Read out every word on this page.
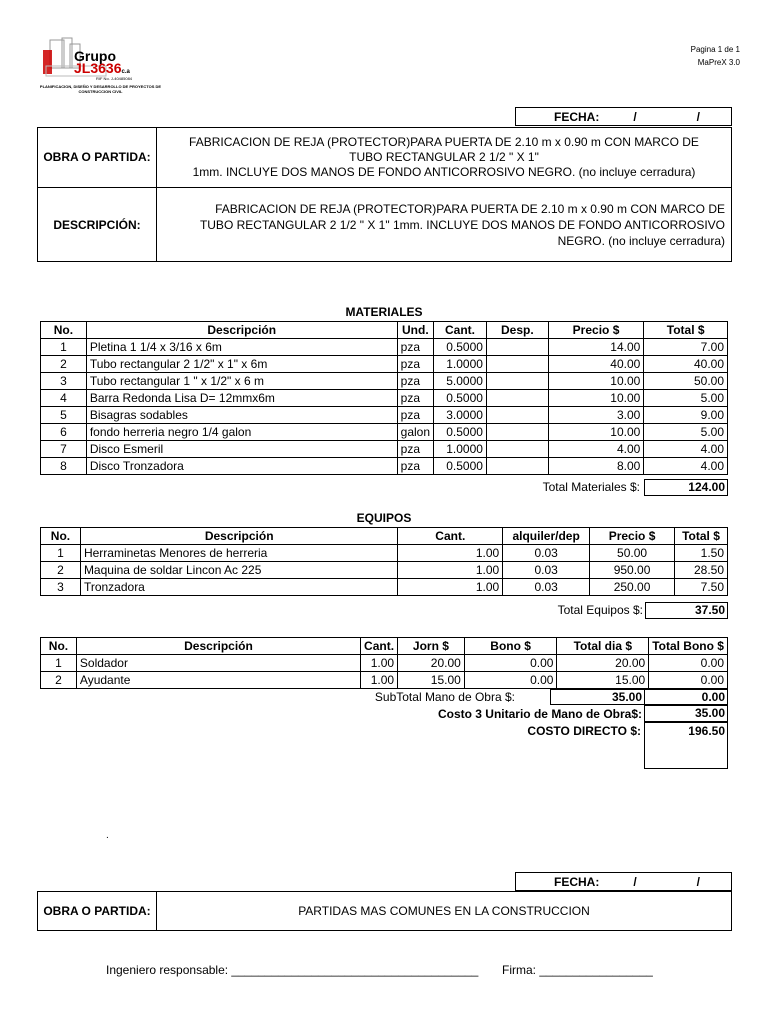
Grupo
JL3636c.a
RIF No. J-40485084
PLANIFICACION, DISEÑO Y DESARROLLO DE PROYECTOS DE CONSTRUCCION CIVIL
Pagina 1 de 1
MaPreX 3.0
FECHA:	/	/
OBRA O PARTIDA:	FABRICACION DE REJA (PROTECTOR)PARA PUERTA DE 2.10 m x 0.90 m CON MARCO DE
TUBO RECTANGULAR 2 1/2 " X 1"
1mm. INCLUYE DOS MANOS DE FONDO ANTICORROSIVO NEGRO. (no incluye cerradura)

DESCRIPCIÓN:	FABRICACION DE REJA (PROTECTOR)PARA PUERTA DE 2.10 m x 0.90 m CON MARCO DE
TUBO RECTANGULAR 2 1/2 " X 1" 1mm. INCLUYE DOS MANOS DE FONDO ANTICORROSIVO
NEGRO. (no incluye cerradura)
MATERIALES
No.	Descripción	Und.	Cant.	Desp.	Precio $	Total $
1	Pletina 1 1/4 x 3/16 x 6m	pza	0.5000		14.00	7.00
2	Tubo rectangular 2 1/2" x 1" x 6m	pza	1.0000		40.00	40.00
3	Tubo rectangular 1 " x 1/2" x 6 m	pza	5.0000		10.00	50.00
4	Barra Redonda Lisa D= 12mmx6m	pza	0.5000		10.00	5.00
5	Bisagras sodables	pza	3.0000		3.00	9.00
6	fondo herreria negro 1/4 galon	galon	0.5000		10.00	5.00
7	Disco Esmeril	pza	1.0000		4.00	4.00
8	Disco Tronzadora	pza	0.5000		8.00	4.00
Total Materiales $:	124.00
EQUIPOS
No.	Descripción	Cant.	alquiler/dep	Precio $	Total $
1	Herraminetas Menores de herreria	1.00	0.03	50.00	1.50
2	Maquina de soldar Lincon Ac 225	1.00	0.03	950.00	28.50
3	Tronzadora	1.00	0.03	250.00	7.50
Total Equipos $:	37.50
No.	Descripción	Cant.	Jorn $	Bono $	Total dia $	Total Bono $
1	Soldador	1.00	20.00	0.00	20.00	0.00
2	Ayudante	1.00	15.00	0.00	15.00	0.00
SubTotal Mano de Obra $:	35.00	0.00
Costo 3 Unitario de Mano de Obra$:	35.00
COSTO DIRECTO $:	196.50
.
FECHA:	/	/
OBRA O PARTIDA:	PARTIDAS MAS COMUNES EN LA CONSTRUCCION
Ingeniero responsable: _____________________________________ Firma: _________________
